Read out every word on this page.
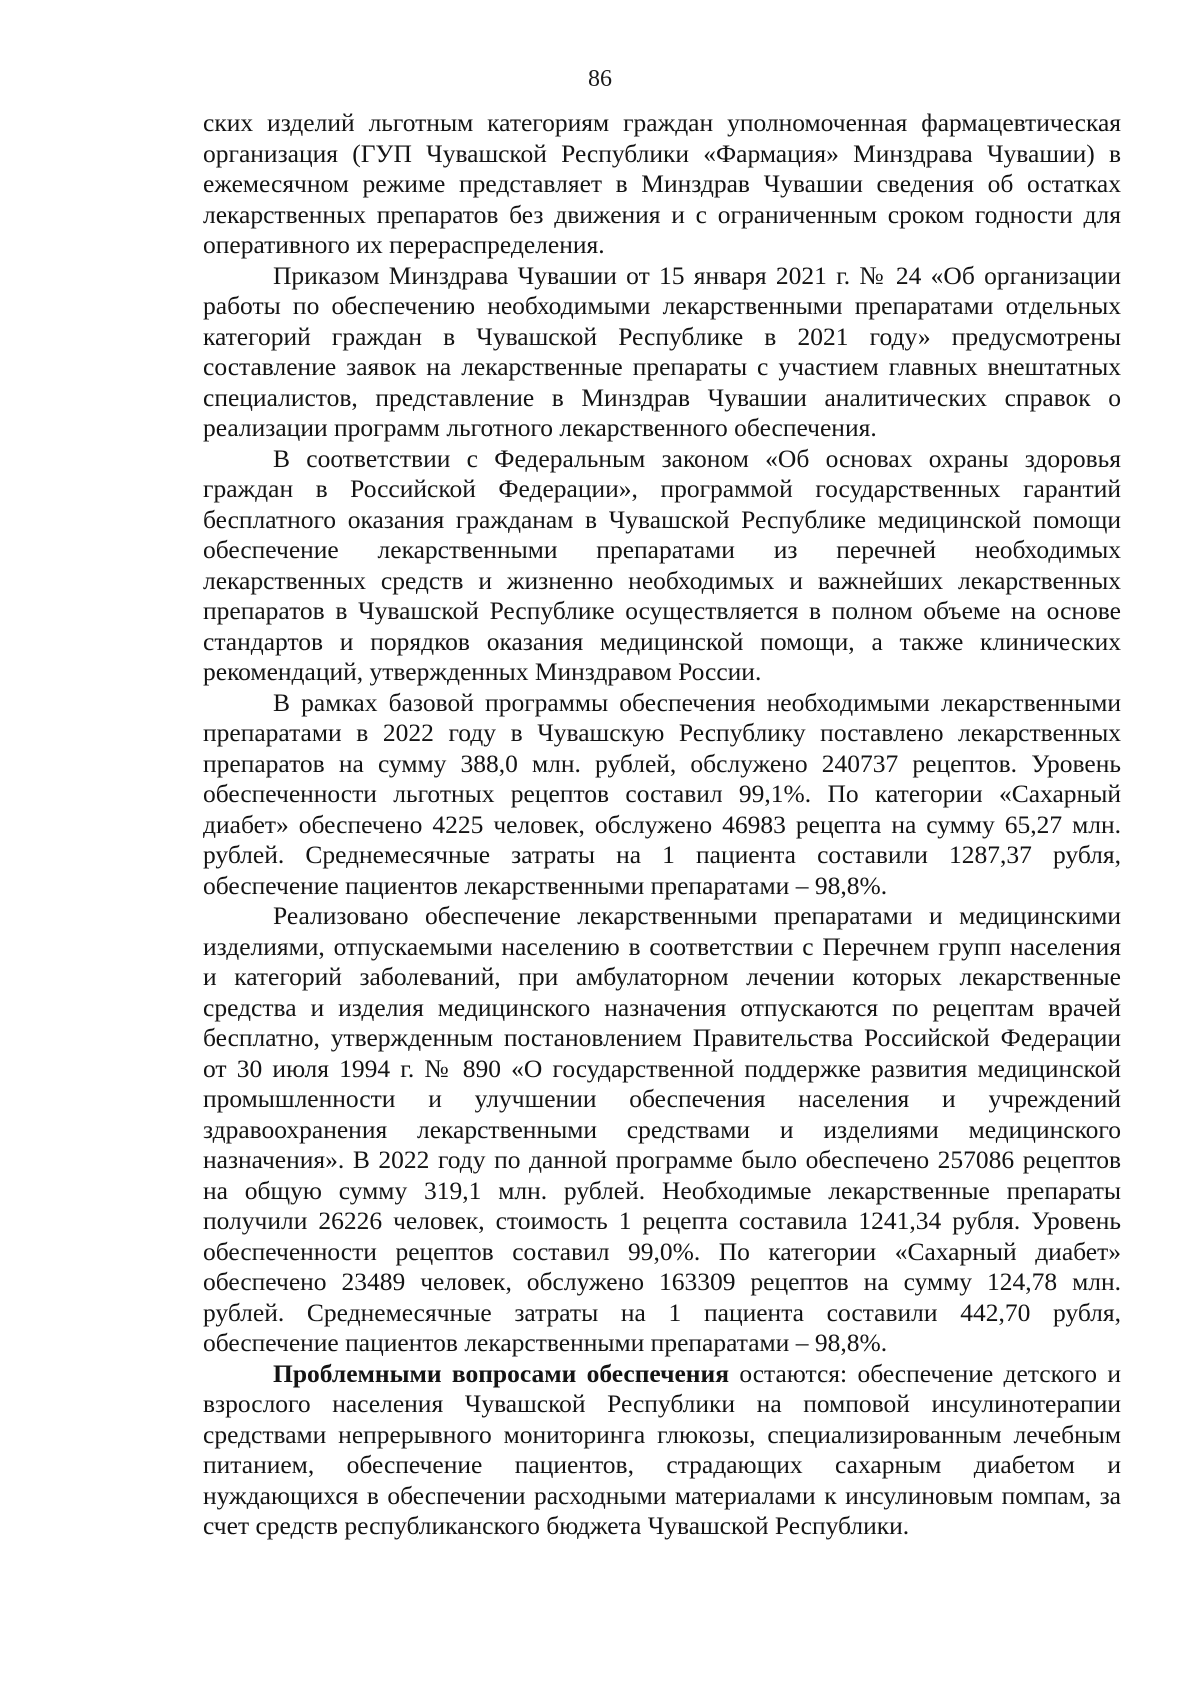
86

ских изделий льготным категориям граждан уполномоченная фармацевтическая организация (ГУП Чувашской Республики «Фармация» Минздрава Чувашии) в ежемесячном режиме представляет в Минздрав Чувашии сведения об остатках лекарственных препаратов без движения и с ограниченным сроком годности для оперативного их перераспределения.

Приказом Минздрава Чувашии от 15 января 2021 г. № 24 «Об организации работы по обеспечению необходимыми лекарственными препаратами отдельных категорий граждан в Чувашской Республике в 2021 году» предусмотрены составление заявок на лекарственные препараты с участием главных внештатных специалистов, представление в Минздрав Чувашии аналитических справок о реализации программ льготного лекарственного обеспечения.

В соответствии с Федеральным законом «Об основах охраны здоровья граждан в Российской Федерации», программой государственных гарантий бесплатного оказания гражданам в Чувашской Республике медицинской помощи обеспечение лекарственными препаратами из перечней необходимых лекарственных средств и жизненно необходимых и важнейших лекарственных препаратов в Чувашской Республике осуществляется в полном объеме на основе стандартов и порядков оказания медицинской помощи, а также клинических рекомендаций, утвержденных Минздравом России.

В рамках базовой программы обеспечения необходимыми лекарственными препаратами в 2022 году в Чувашскую Республику поставлено лекарственных препаратов на сумму 388,0 млн. рублей, обслужено 240737 рецептов. Уровень обеспеченности льготных рецептов составил 99,1%. По категории «Сахарный диабет» обеспечено 4225 человек, обслужено 46983 рецепта на сумму 65,27 млн. рублей. Среднемесячные затраты на 1 пациента составили 1287,37 рубля, обеспечение пациентов лекарственными препаратами – 98,8%.

Реализовано обеспечение лекарственными препаратами и медицинскими изделиями, отпускаемыми населению в соответствии с Перечнем групп населения и категорий заболеваний, при амбулаторном лечении которых лекарственные средства и изделия медицинского назначения отпускаются по рецептам врачей бесплатно, утвержденным постановлением Правительства Российской Федерации от 30 июля 1994 г. № 890 «О государственной поддержке развития медицинской промышленности и улучшении обеспечения населения и учреждений здравоохранения лекарственными средствами и изделиями медицинского назначения». В 2022 году по данной программе было обеспечено 257086 рецептов на общую сумму 319,1 млн. рублей. Необходимые лекарственные препараты получили 26226 человек, стоимость 1 рецепта составила 1241,34 рубля. Уровень обеспеченности рецептов составил 99,0%. По категории «Сахарный диабет» обеспечено 23489 человек, обслужено 163309 рецептов на сумму 124,78 млн. рублей. Среднемесячные затраты на 1 пациента составили 442,70 рубля, обеспечение пациентов лекарственными препаратами – 98,8%.

Проблемными вопросами обеспечения остаются: обеспечение детского и взрослого населения Чувашской Республики на помповой инсулинотерапии средствами непрерывного мониторинга глюкозы, специализированным лечебным питанием, обеспечение пациентов, страдающих сахарным диабетом и нуждающихся в обеспечении расходными материалами к инсулиновым помпам, за счет средств республиканского бюджета Чувашской Республики.
